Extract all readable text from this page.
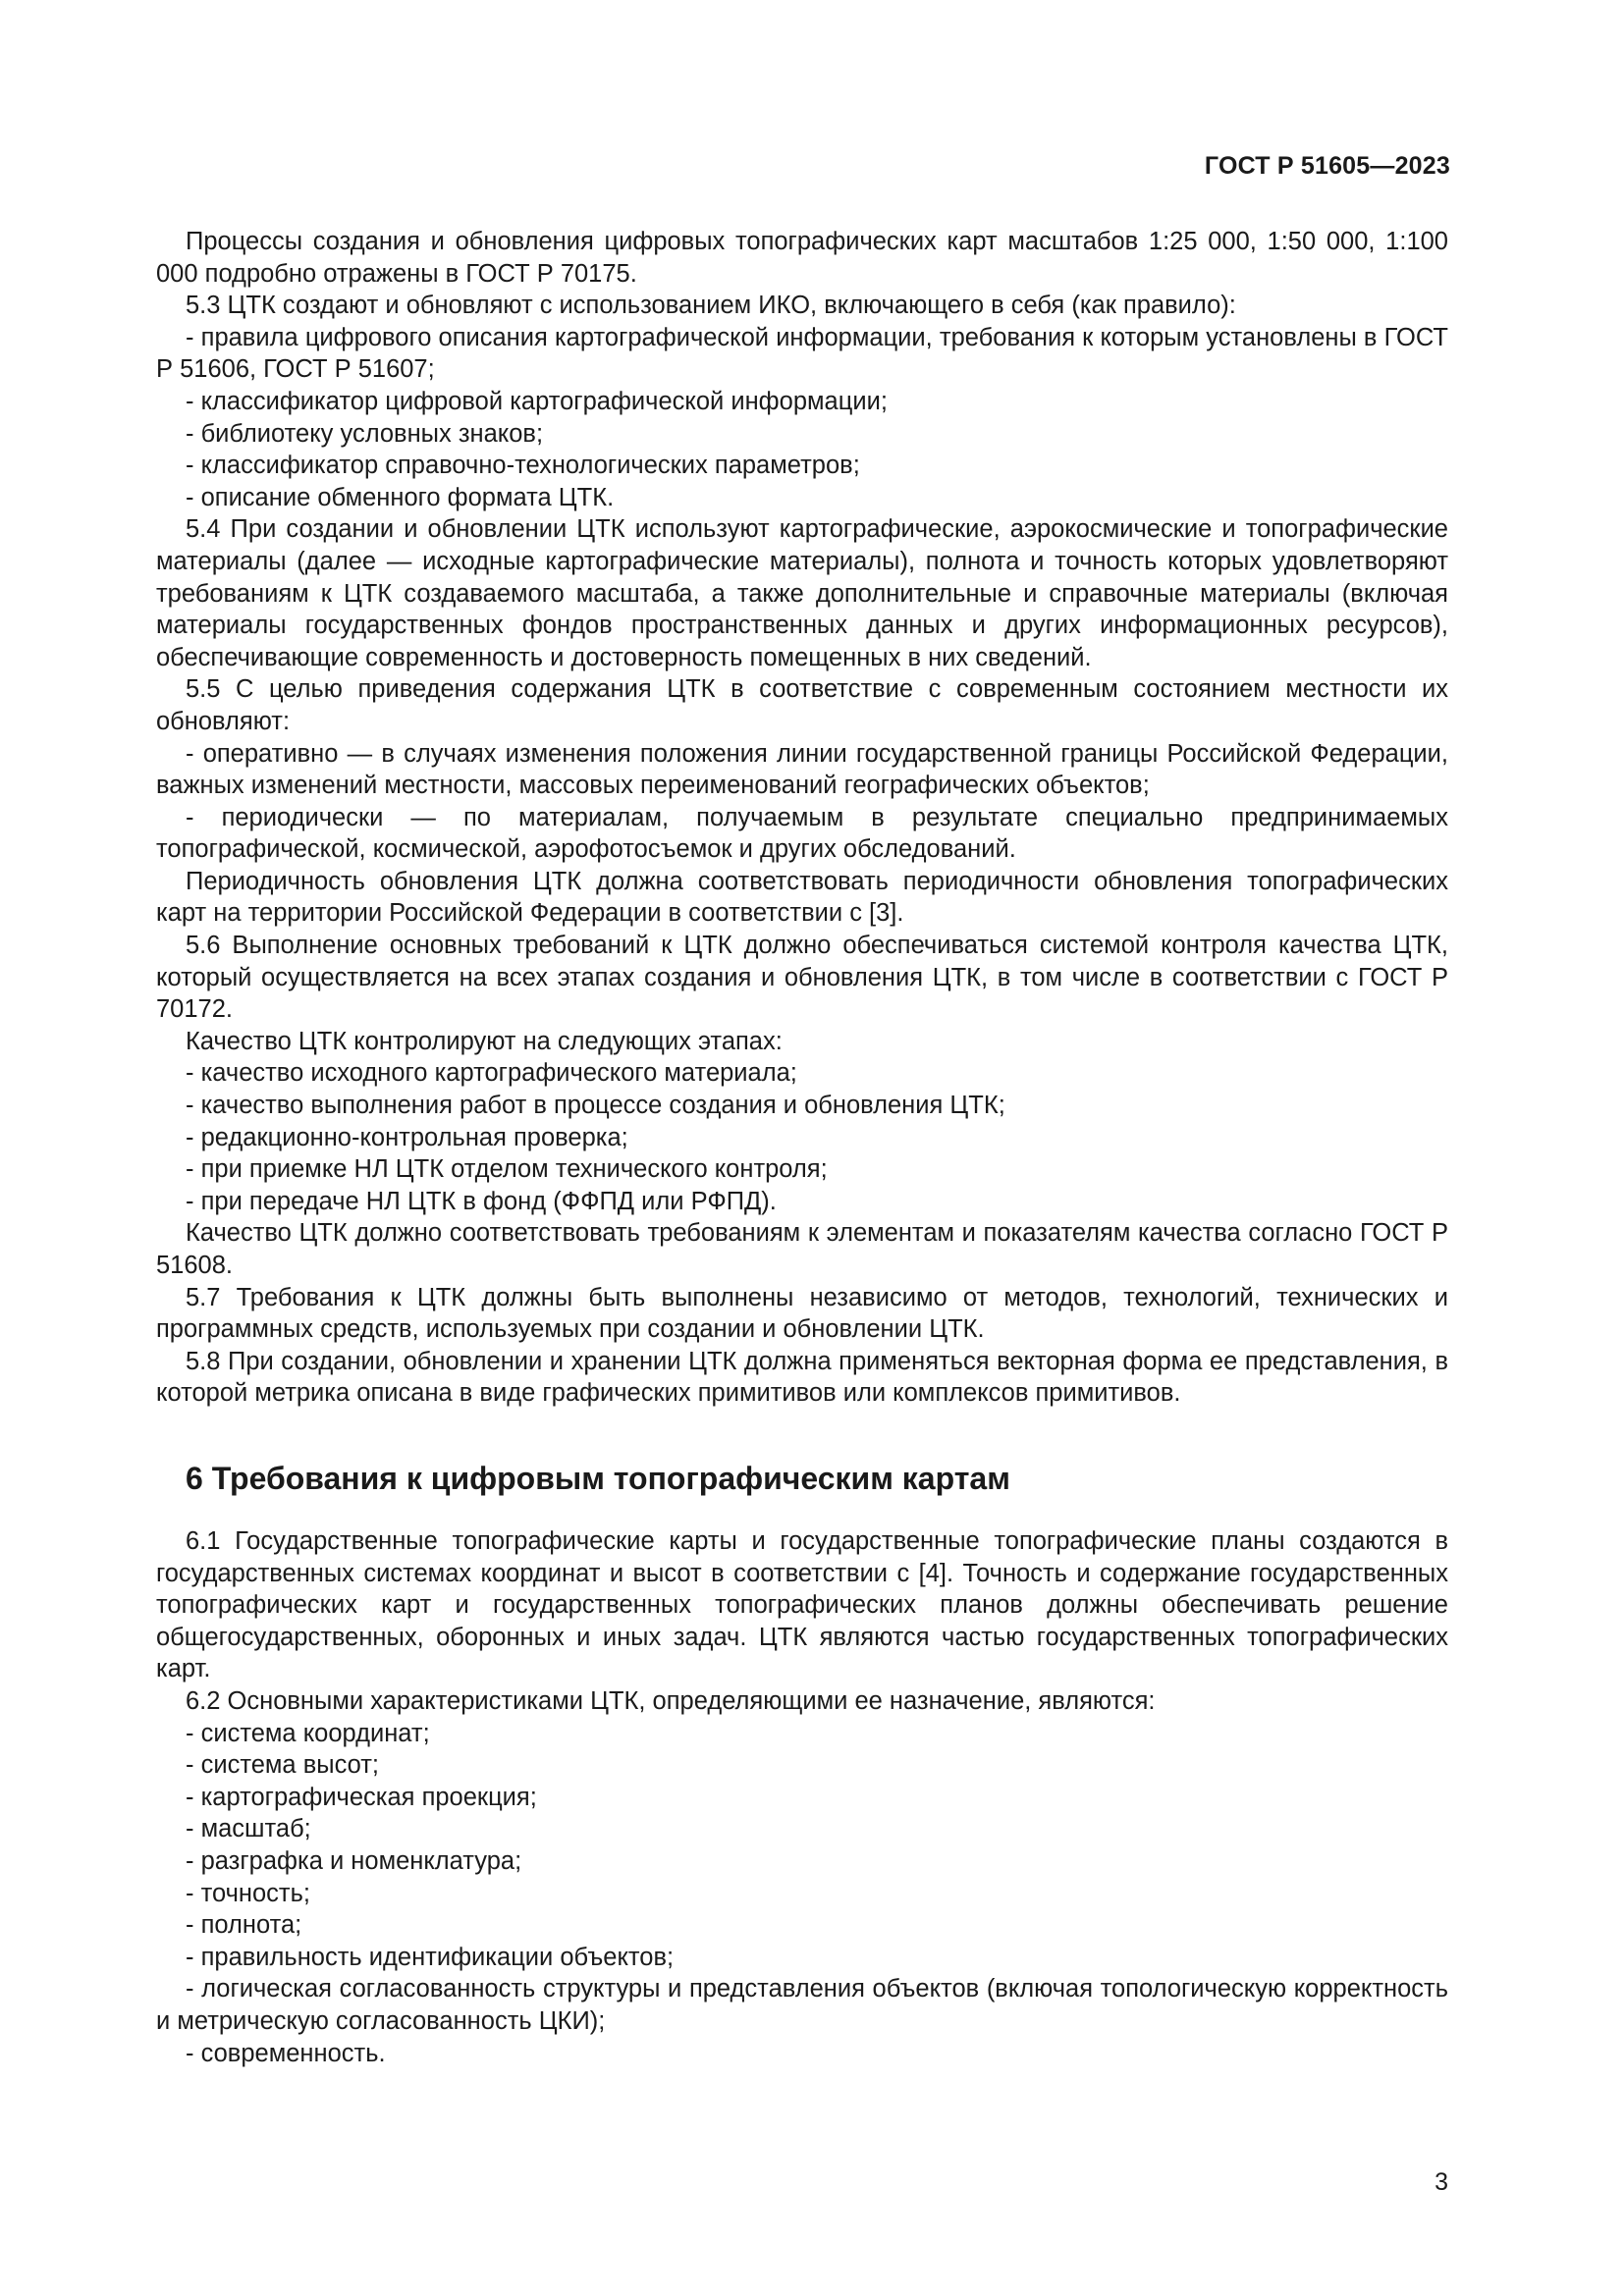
ГОСТ Р 51605—2023

Процессы создания и обновления цифровых топографических карт масштабов 1:25 000, 1:50 000, 1:100 000 подробно отражены в ГОСТ Р 70175.

5.3 ЦТК создают и обновляют с использованием ИКО, включающего в себя (как правило):

- правила цифрового описания картографической информации, требования к которым установлены в ГОСТ Р 51606, ГОСТ Р 51607;

- классификатор цифровой картографической информации;

- библиотеку условных знаков;

- классификатор справочно-технологических параметров;

- описание обменного формата ЦТК.

5.4 При создании и обновлении ЦТК используют картографические, аэрокосмические и топографические материалы (далее — исходные картографические материалы), полнота и точность которых удовлетворяют требованиям к ЦТК создаваемого масштаба, а также дополнительные и справочные материалы (включая материалы государственных фондов пространственных данных и других информационных ресурсов), обеспечивающие современность и достоверность помещенных в них сведений.

5.5 С целью приведения содержания ЦТК в соответствие с современным состоянием местности их обновляют:

- оперативно — в случаях изменения положения линии государственной границы Российской Федерации, важных изменений местности, массовых переименований географических объектов;

- периодически — по материалам, получаемым в результате специально предпринимаемых топографической, космической, аэрофотосъемок и других обследований.

Периодичность обновления ЦТК должна соответствовать периодичности обновления топографических карт на территории Российской Федерации в соответствии с [3].

5.6 Выполнение основных требований к ЦТК должно обеспечиваться системой контроля качества ЦТК, который осуществляется на всех этапах создания и обновления ЦТК, в том числе в соответствии с ГОСТ Р 70172.

Качество ЦТК контролируют на следующих этапах:

- качество исходного картографического материала;

- качество выполнения работ в процессе создания и обновления ЦТК;

- редакционно-контрольная проверка;

- при приемке НЛ ЦТК отделом технического контроля;

- при передаче НЛ ЦТК в фонд (ФФПД или РФПД).

Качество ЦТК должно соответствовать требованиям к элементам и показателям качества согласно ГОСТ Р 51608.

5.7 Требования к ЦТК должны быть выполнены независимо от методов, технологий, технических и программных средств, используемых при создании и обновлении ЦТК.

5.8 При создании, обновлении и хранении ЦТК должна применяться векторная форма ее представления, в которой метрика описана в виде графических примитивов или комплексов примитивов.

6 Требования к цифровым топографическим картам

6.1 Государственные топографические карты и государственные топографические планы создаются в государственных системах координат и высот в соответствии с [4]. Точность и содержание государственных топографических карт и государственных топографических планов должны обеспечивать решение общегосударственных, оборонных и иных задач. ЦТК являются частью государственных топографических карт.

6.2 Основными характеристиками ЦТК, определяющими ее назначение, являются:

- система координат;

- система высот;

- картографическая проекция;

- масштаб;

- разграфка и номенклатура;

- точность;

- полнота;

- правильность идентификации объектов;

- логическая согласованность структуры и представления объектов (включая топологическую корректность и метрическую согласованность ЦКИ);

- современность.

3
